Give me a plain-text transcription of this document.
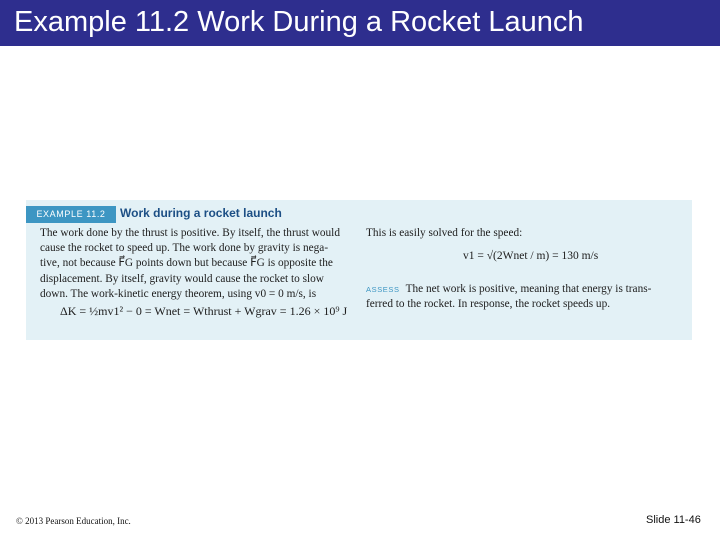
Example 11.2 Work During a Rocket Launch
EXAMPLE 11.2	Work during a rocket launch
The work done by the thrust is positive. By itself, the thrust would
cause the rocket to speed up. The work done by gravity is nega-
tive, not because F⃗G points down but because F⃗G is opposite the
displacement. By itself, gravity would cause the rocket to slow
down. The work-kinetic energy theorem, using v0 = 0 m/s, is
ΔK = ½mv1² − 0 = Wnet = Wthrust + Wgrav = 1.26 × 10⁹ J
This is easily solved for the speed:
v1 = √(2Wnet / m) = 130 m/s
ASSESS The net work is positive, meaning that energy is trans-
ferred to the rocket. In response, the rocket speeds up.
© 2013 Pearson Education, Inc.	Slide 11-46
